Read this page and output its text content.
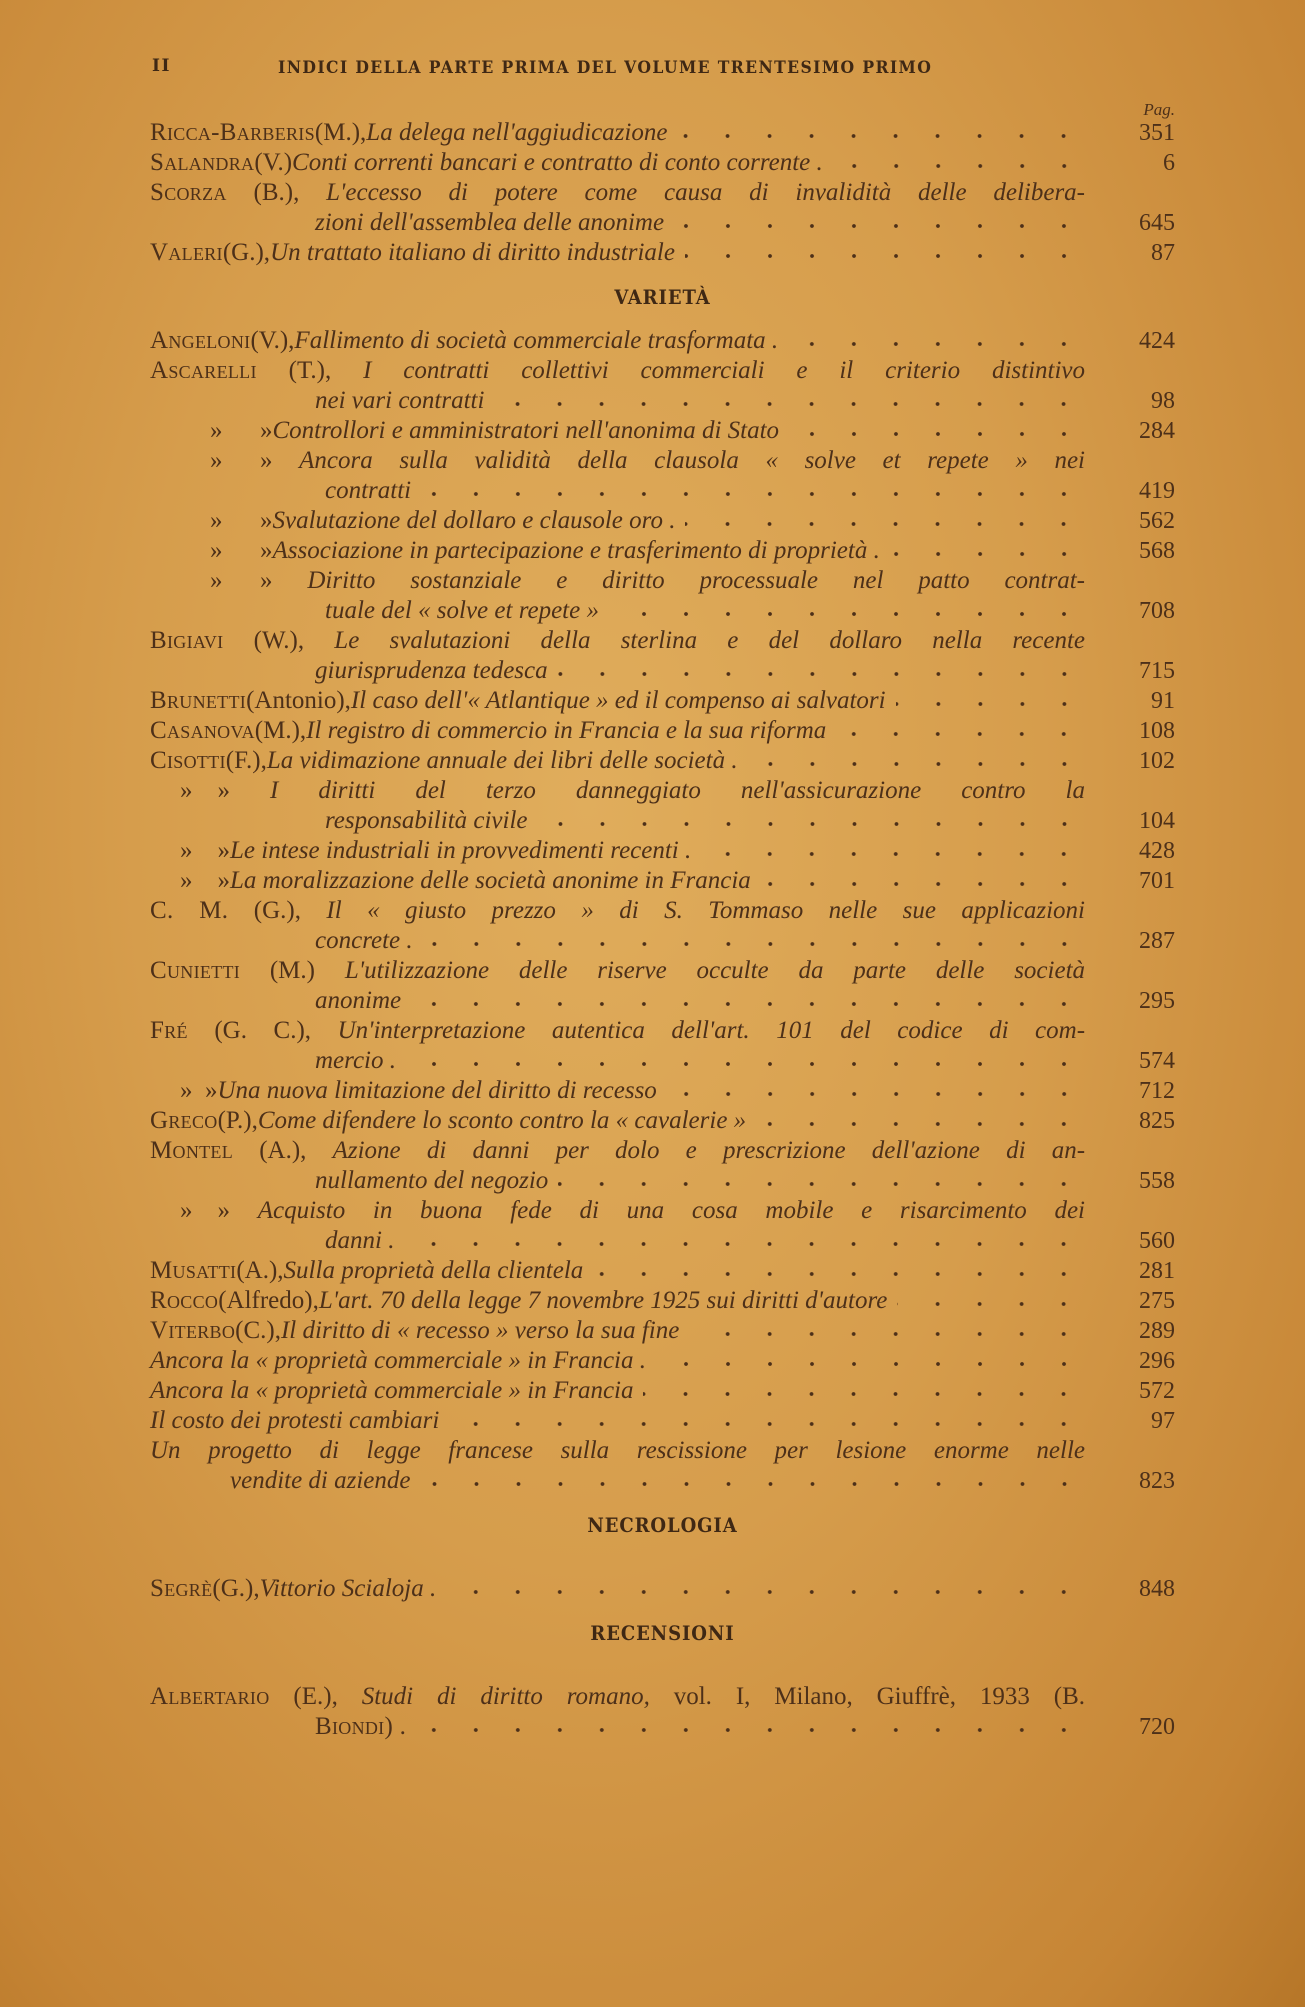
II	INDICI DELLA PARTE PRIMA DEL VOLUME TRENTESIMO PRIMO
Pag.
Ricca-Barberis (M.), La delega nell'aggiudicazione	351
Salandra (V.) Conti correnti bancari e contratto di conto corrente .	6
Scorza (B.), L'eccesso di potere come causa di invalidità delle delibera-
zioni dell'assemblea delle anonime	645
Valeri (G.), Un trattato italiano di diritto industriale	87
VARIETÀ
Angeloni (V.), Fallimento di società commerciale trasformata .	424
Ascarelli (T.), I contratti collettivi commerciali e il criterio distintivo
nei vari contratti	98
»      » Controllori e amministratori nell'anonima di Stato	284
»      » Ancora sulla validità della clausola « solve et repete » nei
contratti	419
»      » Svalutazione del dollaro e clausole oro .	562
»      » Associazione in partecipazione e trasferimento di proprietà .	568
»      » Diritto sostanziale e diritto processuale nel patto contrat-
tuale del « solve et repete »	708
Bigiavi (W.), Le svalutazioni della sterlina e del dollaro nella recente
giurisprudenza tedesca	715
Brunetti (Antonio), Il caso dell'« Atlantique » ed il compenso ai salvatori	91
Casanova (M.), Il registro di commercio in Francia e la sua riforma	108
Cisotti (F.), La vidimazione annuale dei libri delle società .	102
»    » I diritti del terzo danneggiato nell'assicurazione contro la
responsabilità civile	104
»    » Le intese industriali in provvedimenti recenti .	428
»    » La moralizzazione delle società anonime in Francia	701
C. M. (G.), Il « giusto prezzo » di S. Tommaso nelle sue applicazioni
concrete .	287
Cunietti (M.) L'utilizzazione delle riserve occulte da parte delle società
anonime	295
Fré (G. C.), Un'interpretazione autentica dell'art. 101 del codice di com-
mercio .	574
»  » Una nuova limitazione del diritto di recesso	712
Greco (P.), Come difendere lo sconto contro la « cavalerie »	825
Montel (A.), Azione di danni per dolo e prescrizione dell'azione di an-
nullamento del negozio	558
»    » Acquisto in buona fede di una cosa mobile e risarcimento dei
danni .	560
Musatti (A.), Sulla proprietà della clientela	281
Rocco (Alfredo), L'art. 70 della legge 7 novembre 1925 sui diritti d'autore	275
Viterbo (C.), Il diritto di « recesso » verso la sua fine	289
Ancora la « proprietà commerciale » in Francia .	296
Ancora la « proprietà commerciale » in Francia	572
Il costo dei protesti cambiari	97
Un progetto di legge francese sulla rescissione per lesione enorme nelle
vendite di aziende	823
NECROLOGIA
Segrè (G.), Vittorio Scialoja .	848
RECENSIONI
Albertario (E.), Studi di diritto romano, vol. I, Milano, Giuffrè, 1933 (B.
Biondi) .	720
